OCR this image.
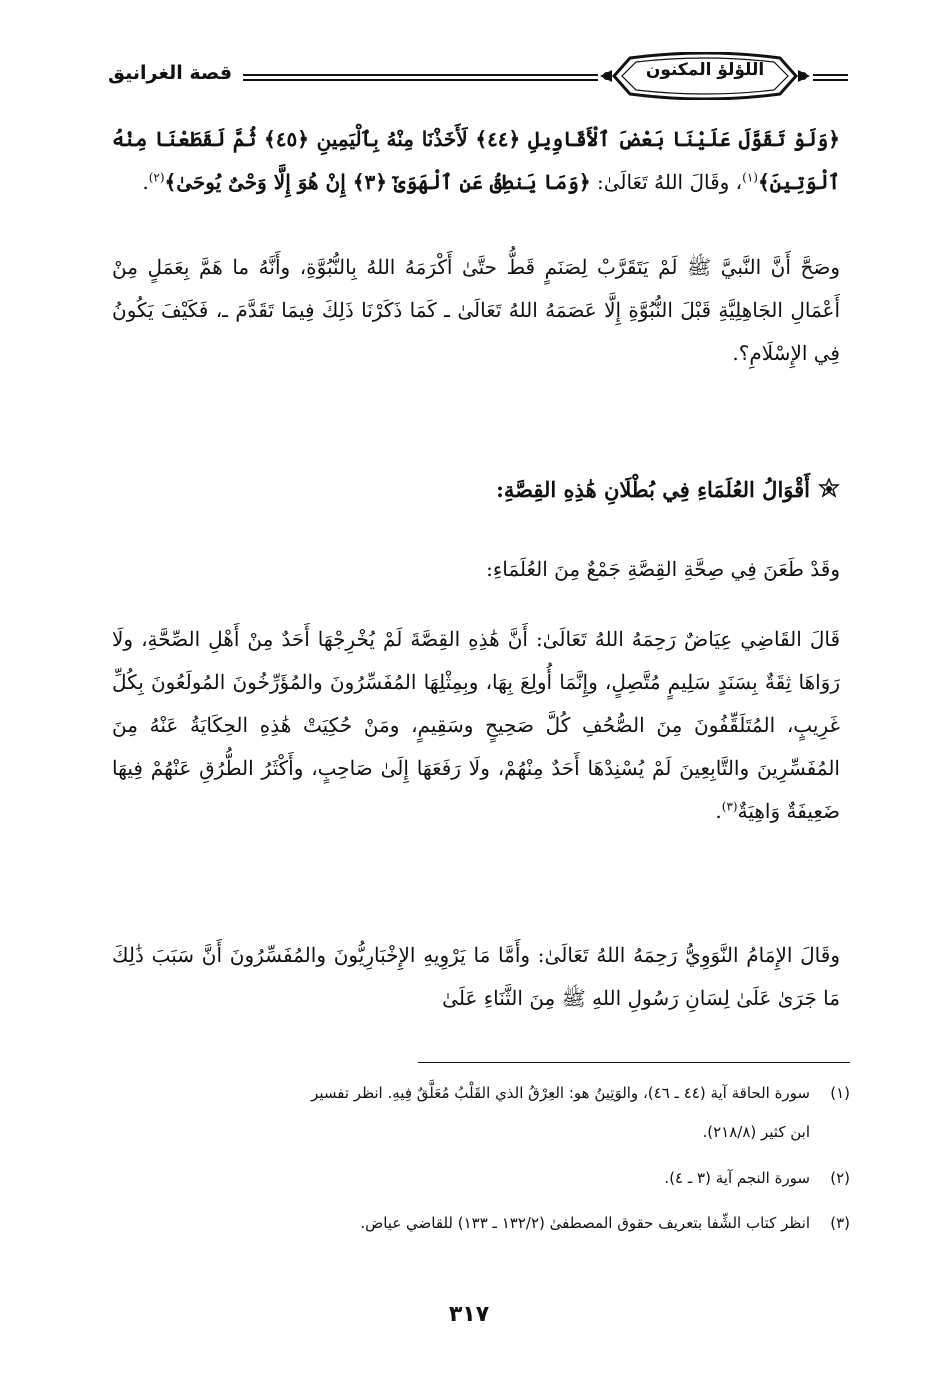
اللؤلؤ المكنون
قصة الغرانيق

﴿وَلَوْ تَقَوَّلَ عَلَيْنَا بَعْضَ ٱلْأَقَاوِيلِ ﴿٤٤﴾ لَأَخَذْنَا مِنْهُ بِٱلْيَمِينِ ﴿٤٥﴾ ثُمَّ لَقَطَعْنَا مِنْهُ ٱلْوَتِينَ﴾$^{(١)}$، وقَالَ اللهُ تَعَالَىٰ: ﴿وَمَا يَنطِقُ عَنِ ٱلْهَوَىٰٓ ﴿٣﴾ إِنْ هُوَ إِلَّا وَحْىٌ يُوحَىٰ﴾$^{(٢)}$.

وصَحَّ أَنَّ النَّبيَّ ﷺ لَمْ يَتَقَرَّبْ لِصَنَمٍ قَطُّ حتَّىٰ أَكْرَمَهُ اللهُ بِالنُّبُوَّةِ، وأَنَّهُ ما هَمَّ بِعَمَلٍ مِنْ أَعْمَالِ الجَاهِلِيَّةِ قَبْلَ النُّبُوَّةِ إِلَّا عَصَمَهُ اللهُ تَعَالَىٰ ـ كَمَا ذَكَرْنَا ذَلِكَ فِيمَا تَقَدَّمَ ـ، فَكَيْفَ يَكُونُ فِي الإِسْلَامِ؟.

أَقْوَالُ العُلَمَاءِ فِي بُطْلَانِ هَٰذِهِ القِصَّةِ:

وقَدْ طَعَنَ فِي صِحَّةِ القِصَّةِ جَمْعٌ مِنَ العُلَمَاءِ:

قَالَ القَاضِي عِيَاضٌ رَحِمَهُ اللهُ تَعَالَىٰ: أَنَّ هَٰذِهِ القِصَّةَ لَمْ يُخْرِجْهَا أَحَدٌ مِنْ أَهْلِ الصِّحَّةِ، ولَا رَوَاهَا ثِقَةٌ بِسَنَدٍ سَلِيمٍ مُتَّصِلٍ، وإِنَّمَا أُولِعَ بِهَا، وبِمِثْلِهَا المُفَسِّرُونَ والمُؤَرِّخُونَ المُولَعُونَ بِكُلِّ غَرِيبٍ، المُتَلَقِّفُونَ مِنَ الصُّحُفِ كُلَّ صَحِيحٍ وسَقِيمٍ، ومَنْ حُكِيَتْ هَٰذِهِ الحِكَايَةُ عَنْهُ مِنَ المُفَسِّرِينَ والتَّابِعِينَ لَمْ يُسْنِدْهَا أَحَدٌ مِنْهُمْ، ولَا رَفَعَهَا إِلَىٰ صَاحِبٍ، وأَكْثَرُ الطُّرُقِ عَنْهُمْ فِيهَا ضَعِيفَةٌ وَاهِيَةٌ$^{(٣)}$.

وقَالَ الإِمَامُ النَّوَوِيُّ رَحِمَهُ اللهُ تَعَالَىٰ: وأَمَّا مَا يَرْوِيهِ الإِخْبَارِيُّونَ والمُفَسِّرُونَ أَنَّ سَبَبَ ذَٰلِكَ مَا جَرَىٰ عَلَىٰ لِسَانِ رَسُولِ اللهِ ﷺ مِنَ الثَّنَاءِ عَلَىٰ

(١)سورة الحاقة آية (٤٤ ـ ٤٦)، والوَتِينُ هو: العِرْقُ الذي القَلْبُ مُعَلَّقٌ فِيهِ. انظر تفسير
ابن كثير (٢١٨/٨).
(٢)سورة النجم آية (٣ ـ ٤).
(٣)انظر كتاب الشِّفا بتعريف حقوق المصطفىٰ (١٣٢/٢ ـ ١٣٣) للقاضي عياض.
٣١٧
